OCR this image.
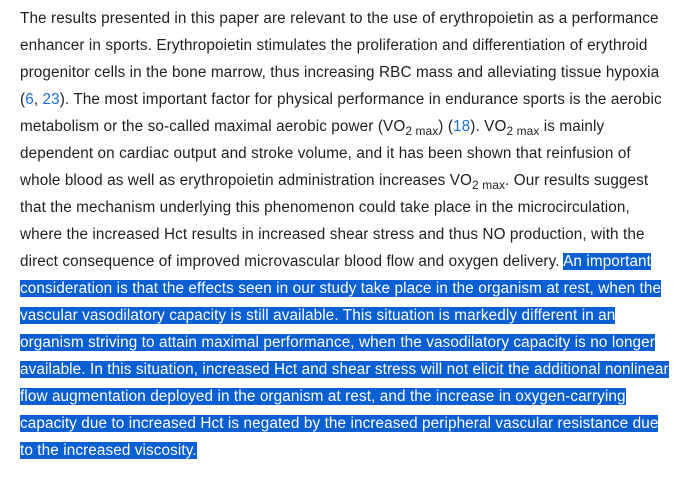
The results presented in this paper are relevant to the use of erythropoietin as a performance enhancer in sports. Erythropoietin stimulates the proliferation and differentiation of erythroid progenitor cells in the bone marrow, thus increasing RBC mass and alleviating tissue hypoxia (6, 23). The most important factor for physical performance in endurance sports is the aerobic metabolism or the so-called maximal aerobic power $(VO_{2 max})$ (18). $VO_{2 max}$ is mainly dependent on cardiac output and stroke volume, and it has been shown that reinfusion of whole blood as well as erythropoietin administration increases $VO_{2 max}$. Our results suggest that the mechanism underlying this phenomenon could take place in the microcirculation, where the increased Hct results in increased shear stress and thus NO production, with the direct consequence of improved microvascular blood flow and oxygen delivery. An important consideration is that the effects seen in our study take place in the organism at rest, when the vascular vasodilatory capacity is still available. This situation is markedly different in an organism striving to attain maximal performance, when the vasodilatory capacity is no longer available. In this situation, increased Hct and shear stress will not elicit the additional nonlinear flow augmentation deployed in the organism at rest, and the increase in oxygen-carrying capacity due to increased Hct is negated by the increased peripheral vascular resistance due to the increased viscosity.
